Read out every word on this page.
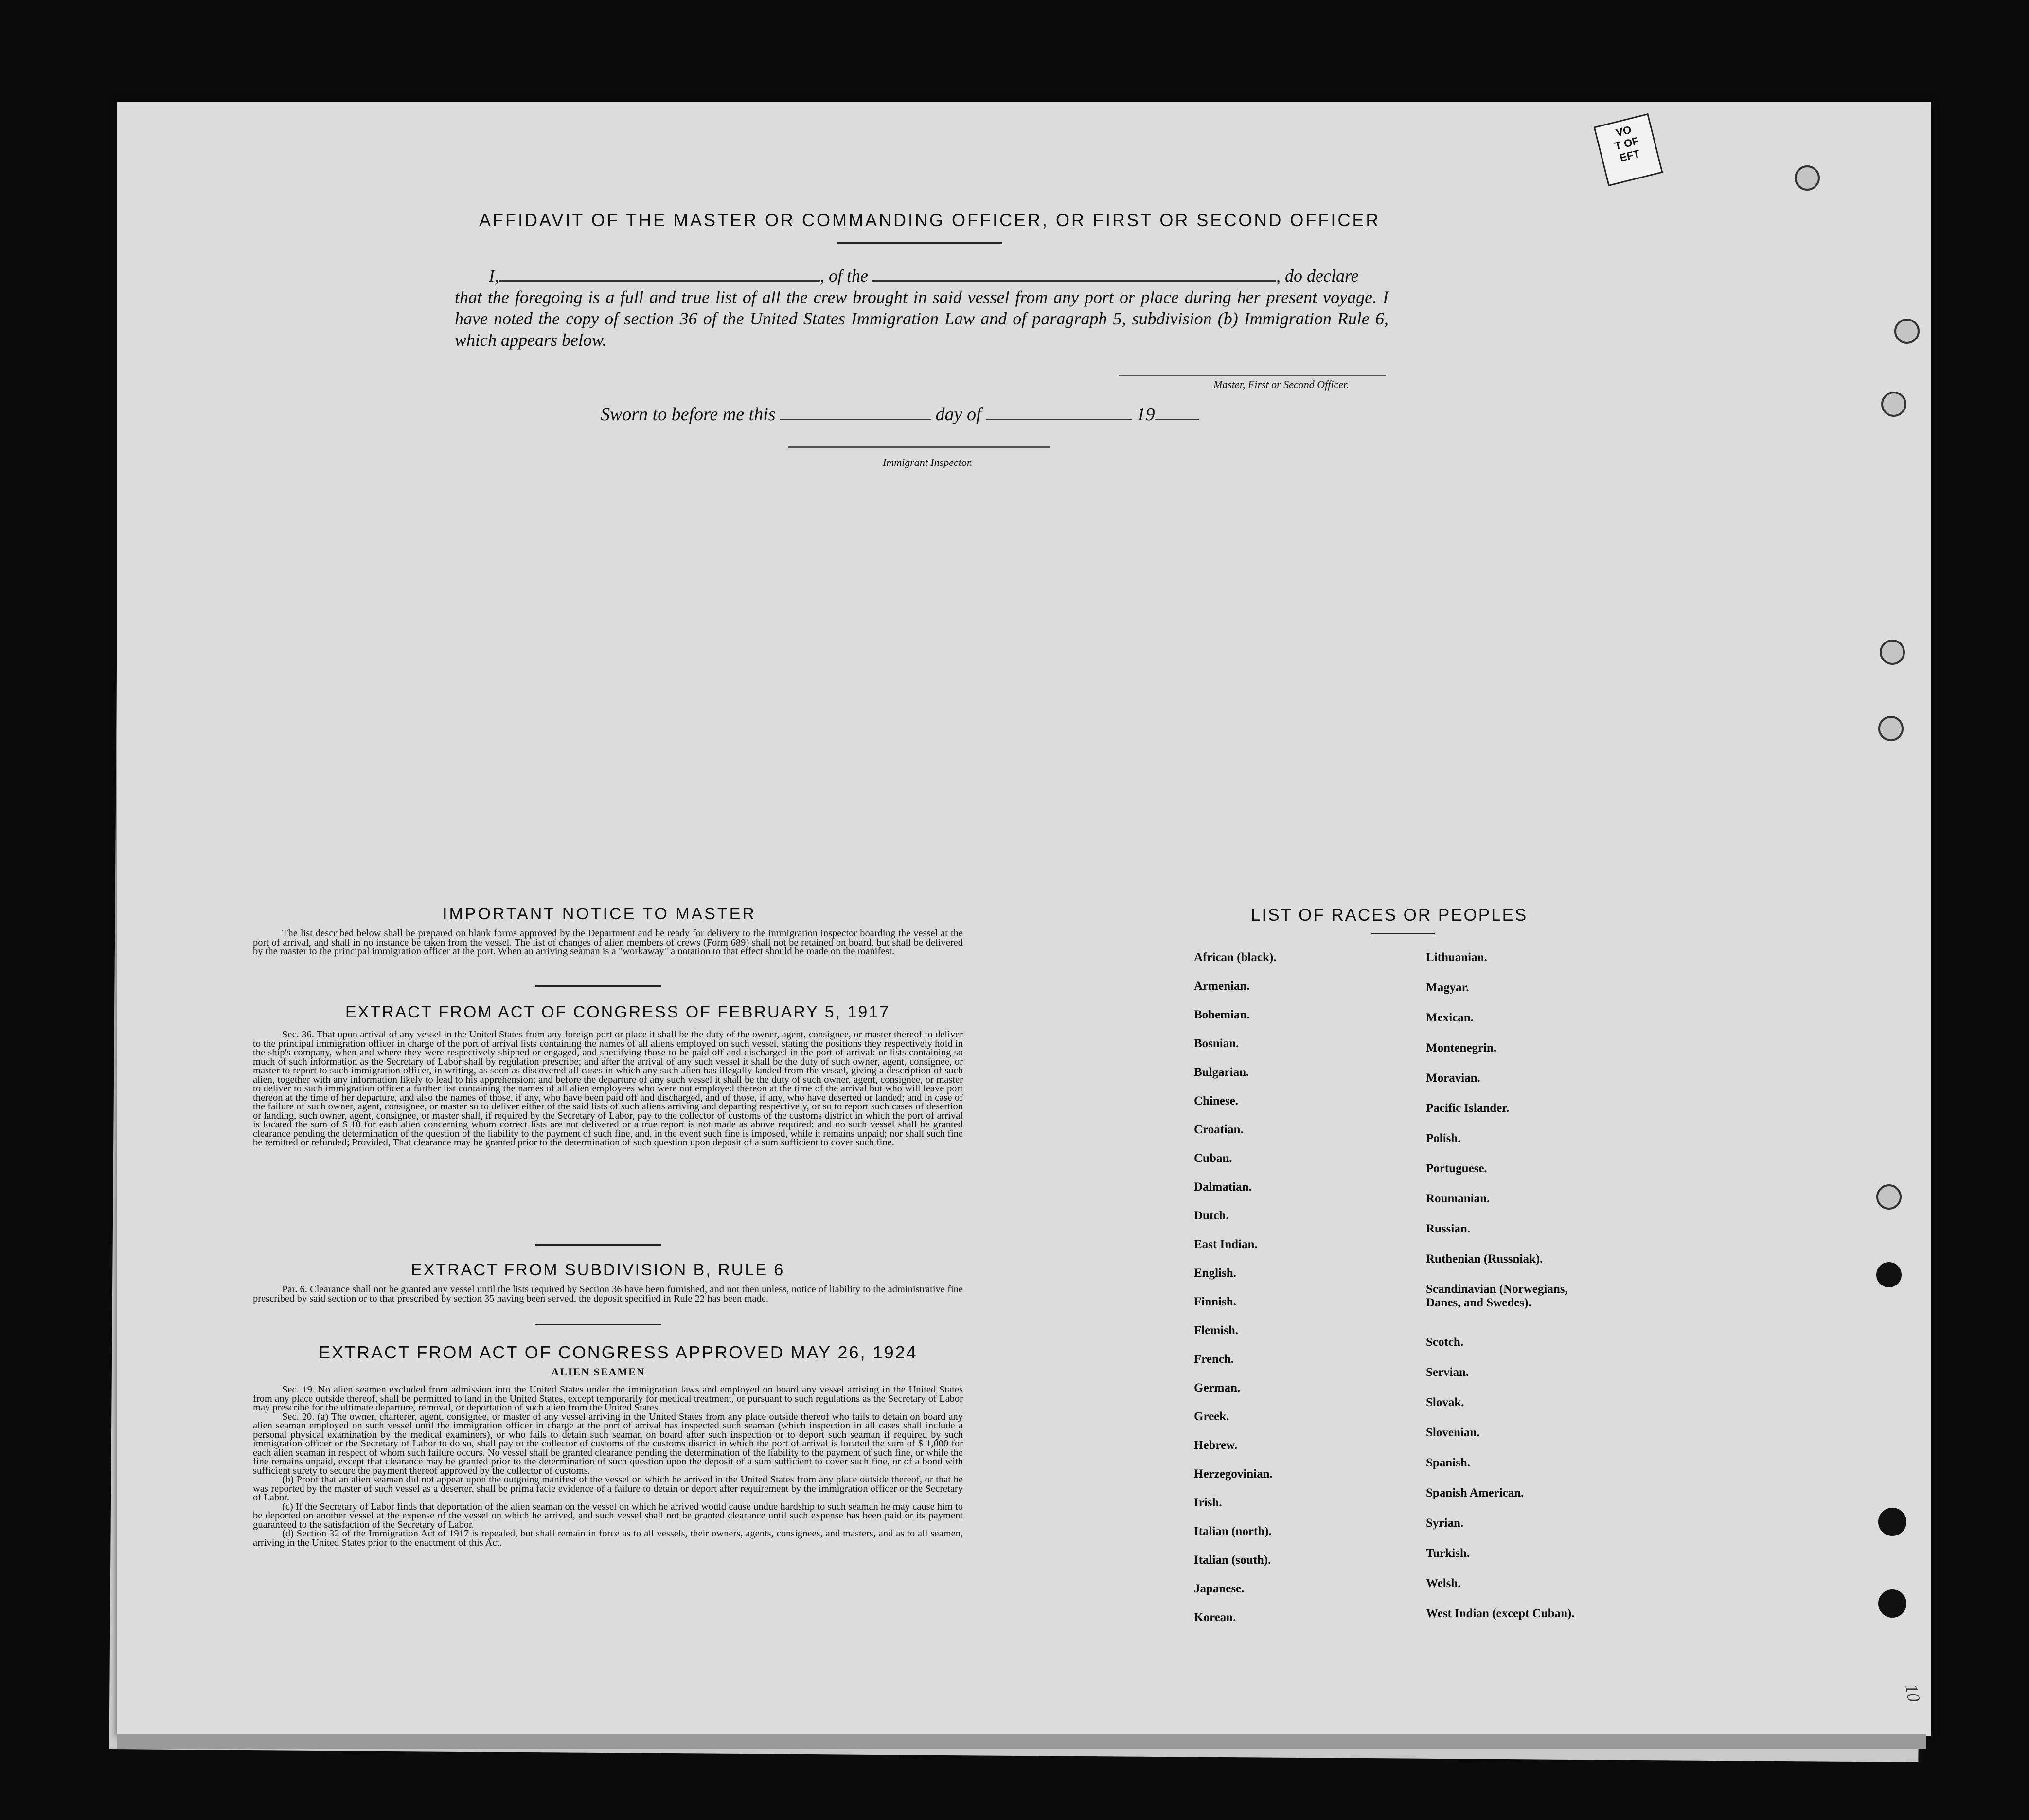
VO
T OF
EFT
AFFIDAVIT OF THE MASTER OR COMMANDING OFFICER, OR FIRST OR SECOND OFFICER
I,	, of the	, do declare
that the foregoing is a full and true list of all the crew brought in said vessel from any port or place during her present voyage. I have noted the copy of section 36 of the United States Immigration Law and of paragraph 5, subdivision (b) Immigration Rule 6, which appears below.
Master, First or Second Officer.
Sworn to before me this	day of	19
Immigrant Inspector.
IMPORTANT NOTICE TO MASTER

The list described below shall be prepared on blank forms approved by the Department and be ready for delivery to the immigration inspector boarding the vessel at the port of arrival, and shall in no instance be taken from the vessel. The list of changes of alien members of crews (Form 689) shall not be retained on board, but shall be delivered by the master to the principal immigration officer at the port. When an arriving seaman is a "workaway" a notation to that effect should be made on the manifest.

EXTRACT FROM ACT OF CONGRESS OF FEBRUARY 5, 1917

Sec. 36. That upon arrival of any vessel in the United States from any foreign port or place it shall be the duty of the owner, agent, consignee, or master thereof to deliver to the principal immigration officer in charge of the port of arrival lists containing the names of all aliens employed on such vessel, stating the positions they respectively hold in the ship's company, when and where they were respectively shipped or engaged, and specifying those to be paid off and discharged in the port of arrival; or lists containing so much of such information as the Secretary of Labor shall by regulation prescribe; and after the arrival of any such vessel it shall be the duty of such owner, agent, consignee, or master to report to such immigration officer, in writing, as soon as discovered all cases in which any such alien has illegally landed from the vessel, giving a description of such alien, together with any information likely to lead to his apprehension; and before the departure of any such vessel it shall be the duty of such owner, agent, consignee, or master to deliver to such immigration officer a further list containing the names of all alien employees who were not employed thereon at the time of the arrival but who will leave port thereon at the time of her departure, and also the names of those, if any, who have been paid off and discharged, and of those, if any, who have deserted or landed; and in case of the failure of such owner, agent, consignee, or master so to deliver either of the said lists of such aliens arriving and departing respectively, or so to report such cases of desertion or landing, such owner, agent, consignee, or master shall, if required by the Secretary of Labor, pay to the collector of customs of the customs district in which the port of arrival is located the sum of $ 10 for each alien concerning whom correct lists are not delivered or a true report is not made as above required; and no such vessel shall be granted clearance pending the determination of the question of the liability to the payment of such fine, and, in the event such fine is imposed, while it remains unpaid; nor shall such fine be remitted or refunded; Provided, That clearance may be granted prior to the determination of such question upon deposit of a sum sufficient to cover such fine.

EXTRACT FROM SUBDIVISION B, RULE 6

Par. 6. Clearance shall not be granted any vessel until the lists required by Section 36 have been furnished, and not then unless, notice of liability to the administrative fine prescribed by said section or to that prescribed by section 35 having been served, the deposit specified in Rule 22 has been made.

EXTRACT FROM ACT OF CONGRESS APPROVED MAY 26, 1924
ALIEN SEAMEN

Sec. 19. No alien seamen excluded from admission into the United States under the immigration laws and employed on board any vessel arriving in the United States from any place outside thereof, shall be permitted to land in the United States, except temporarily for medical treatment, or pursuant to such regulations as the Secretary of Labor may prescribe for the ultimate departure, removal, or deportation of such alien from the United States.

Sec. 20. (a) The owner, charterer, agent, consignee, or master of any vessel arriving in the United States from any place outside thereof who fails to detain on board any alien seaman employed on such vessel until the immigration officer in charge at the port of arrival has inspected such seaman (which inspection in all cases shall include a personal physical examination by the medical examiners), or who fails to detain such seaman on board after such inspection or to deport such seaman if required by such immigration officer or the Secretary of Labor to do so, shall pay to the collector of customs of the customs district in which the port of arrival is located the sum of $ 1,000 for each alien seaman in respect of whom such failure occurs. No vessel shall be granted clearance pending the determination of the liability to the payment of such fine, or while the fine remains unpaid, except that clearance may be granted prior to the determination of such question upon the deposit of a sum sufficient to cover such fine, or of a bond with sufficient surety to secure the payment thereof approved by the collector of customs.

(b) Proof that an alien seaman did not appear upon the outgoing manifest of the vessel on which he arrived in the United States from any place outside thereof, or that he was reported by the master of such vessel as a deserter, shall be prima facie evidence of a failure to detain or deport after requirement by the immigration officer or the Secretary of Labor.

(c) If the Secretary of Labor finds that deportation of the alien seaman on the vessel on which he arrived would cause undue hardship to such seaman he may cause him to be deported on another vessel at the expense of the vessel on which he arrived, and such vessel shall not be granted clearance until such expense has been paid or its payment guaranteed to the satisfaction of the Secretary of Labor.

(d) Section 32 of the Immigration Act of 1917 is repealed, but shall remain in force as to all vessels, their owners, agents, consignees, and masters, and as to all seamen, arriving in the United States prior to the enactment of this Act.

LIST OF RACES OR PEOPLES
African (black).
Armenian.
Bohemian.
Bosnian.
Bulgarian.
Chinese.
Croatian.
Cuban.
Dalmatian.
Dutch.
East Indian.
English.
Finnish.
Flemish.
French.
German.
Greek.
Hebrew.
Herzegovinian.
Irish.
Italian (north).
Italian (south).
Japanese.
Korean.
Lithuanian.
Magyar.
Mexican.
Montenegrin.
Moravian.
Pacific Islander.
Polish.
Portuguese.
Roumanian.
Russian.
Ruthenian (Russniak).
Scandinavian (Norwegians, Danes, and Swedes).
Scotch.
Servian.
Slovak.
Slovenian.
Spanish.
Spanish American.
Syrian.
Turkish.
Welsh.
West Indian (except Cuban).
10
